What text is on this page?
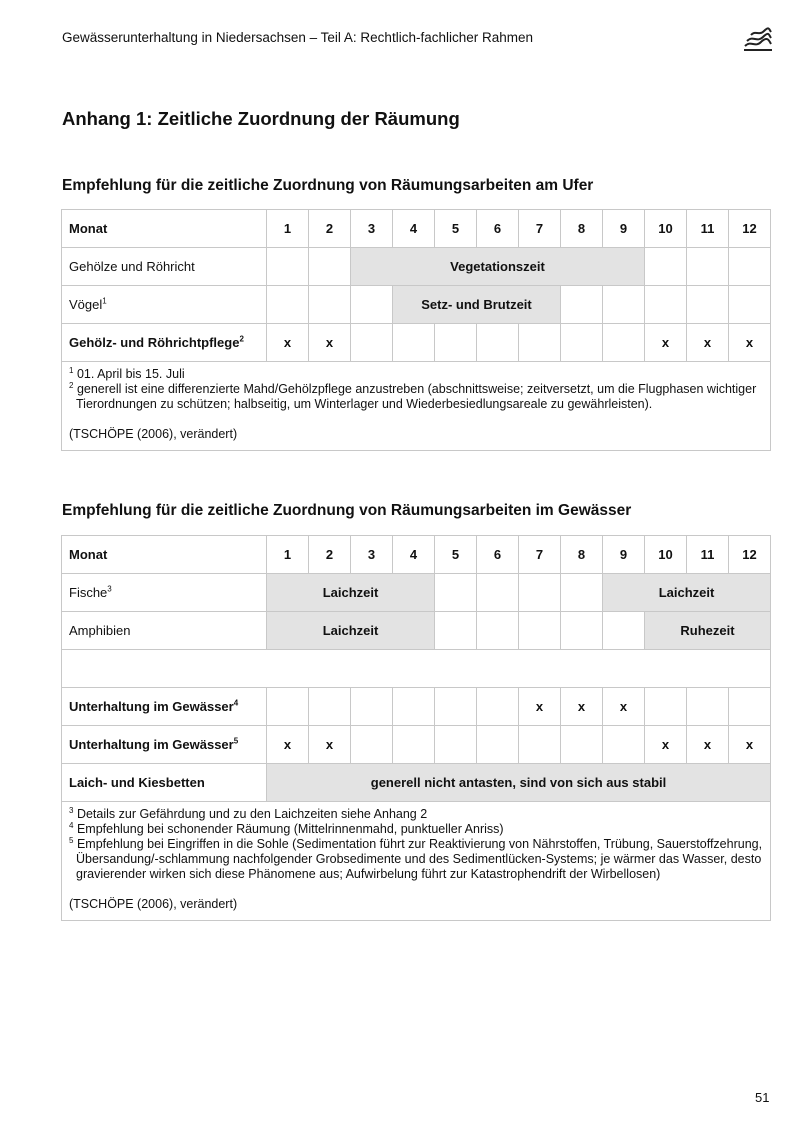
Gewässerunterhaltung in Niedersachsen – Teil A: Rechtlich-fachlicher Rahmen
Anhang 1: Zeitliche Zuordnung der Räumung
Empfehlung für die zeitliche Zuordnung von Räumungsarbeiten am Ufer
Monat	1	2	3	4	5	6	7	8	9	10	11	12
Gehölze und Röhricht			Vegetationszeit									
Vögel$^1$				Setz- und Brutzeit								
Gehölz- und Röhrichtpflege$^2$	x	x								x	x	x

$^1$ 01. April bis 15. Juli
$^2$ generell ist eine differenzierte Mahd/Gehölzpflege anzustreben (abschnittsweise; zeitversetzt, um die Flugphasen wichtiger Tierordnungen zu schützen; halbseitig, um Winterlager und Wiederbesiedlungsareale zu gewährleisten).
(TSCHÖPE (2006), verändert)												
Empfehlung für die zeitliche Zuordnung von Räumungsarbeiten im Gewässer
Monat	1	2	3	4	5	6	7	8	9	10	11	12
Fische$^3$	Laichzeit								Laichzeit			
Amphibien	Laichzeit									Ruhezeit		

Unterhaltung im Gewässer$^4$							x	x	x			
Unterhaltung im Gewässer$^5$	x	x								x	x	x
Laich- und Kiesbetten	generell nicht antasten, sind von sich aus stabil											

$^3$ Details zur Gefährdung und zu den Laichzeiten siehe Anhang 2
$^4$ Empfehlung bei schonender Räumung (Mittelrinnenmahd, punktueller Anriss)
$^5$ Empfehlung bei Eingriffen in die Sohle (Sedimentation führt zur Reaktivierung von Nährstoffen, Trübung, Sauerstoffzehrung, Übersandung/-schlammung nachfolgender Grobsedimente und des Sedimentlücken-Systems; je wärmer das Wasser, desto gravierender wirken sich diese Phänomene aus; Aufwirbelung führt zur Katastrophendrift der Wirbellosen)
(TSCHÖPE (2006), verändert)												
51
